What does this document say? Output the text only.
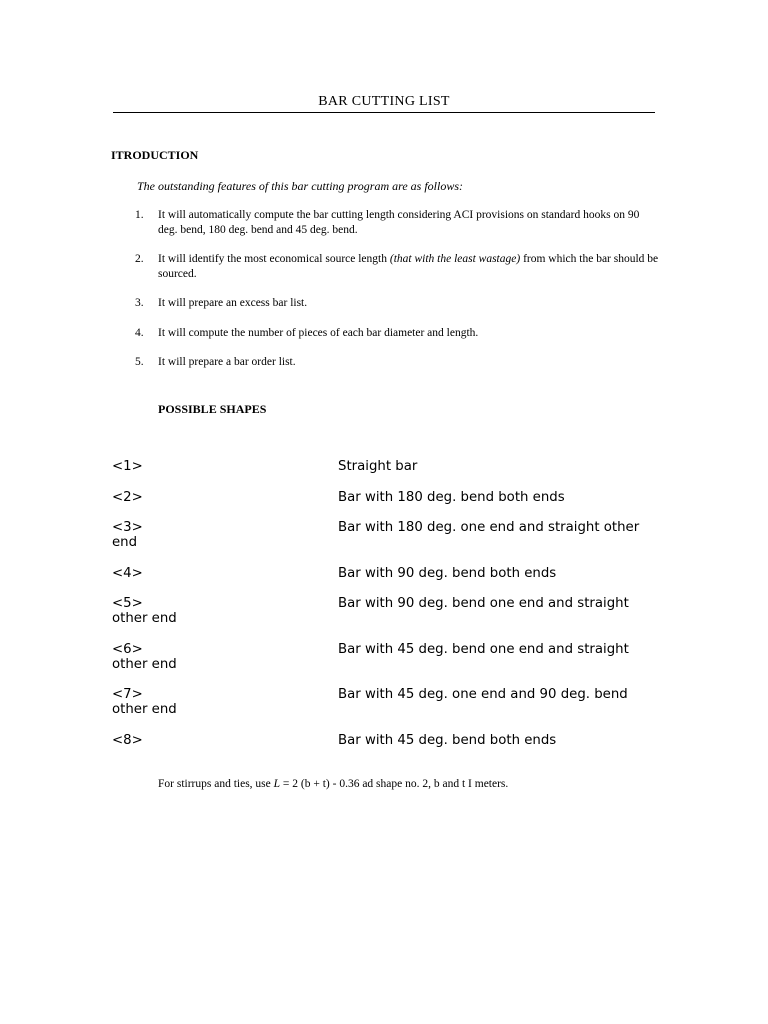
BAR CUTTING LIST
ITRODUCTION
The outstanding features of this bar cutting program are as follows:
1. It will automatically compute the bar cutting length considering ACI provisions on standard hooks on 90 deg. bend, 180 deg. bend and 45 deg. bend.
2. It will identify the most economical source length (that with the least wastage) from which the bar should be sourced.
3. It will prepare an excess bar list.
4. It will compute the number of pieces of each bar diameter and length.
5. It will prepare a bar order list.
POSSIBLE SHAPES
<1>	Straight bar
<2>	Bar with 180 deg. bend both ends
<3>	Bar with 180 deg. one end and straight other end
<4>	Bar with 90 deg. bend both ends
<5>	Bar with 90 deg. bend one end and straight other end
<6>	Bar with 45 deg. bend one end and straight other end
<7>	Bar with 45 deg. one end and 90 deg. bend other end
<8>	Bar with 45 deg. bend both ends
For stirrups and ties, use L = 2 (b + t) - 0.36 ad shape no. 2, b and t I meters.
